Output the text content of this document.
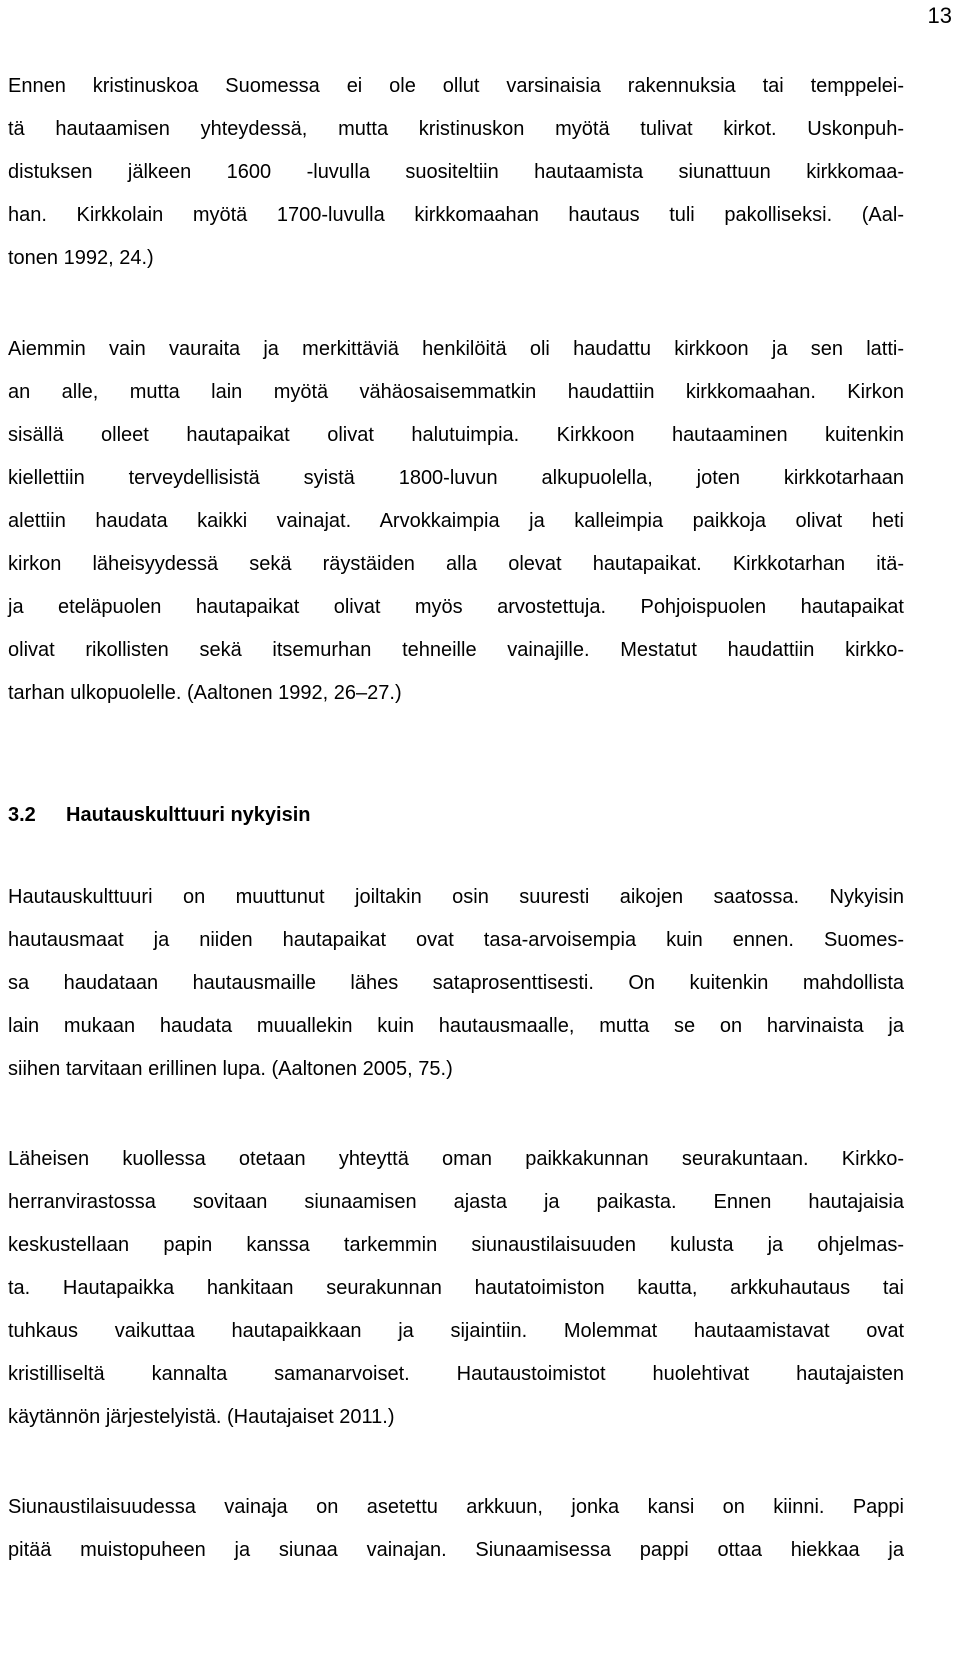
13
Ennen kristinuskoa Suomessa ei ole ollut varsinaisia rakennuksia tai temppelei-
tä hautaamisen yhteydessä, mutta kristinuskon myötä tulivat kirkot. Uskonpuh-
distuksen jälkeen 1600 -luvulla suositeltiin hautaamista siunattuun kirkkomaa-
han. Kirkkolain myötä 1700-luvulla kirkkomaahan hautaus tuli pakolliseksi. (Aal-
tonen 1992, 24.)
Aiemmin vain vauraita ja merkittäviä henkilöitä oli haudattu kirkkoon ja sen latti-
an alle, mutta lain myötä vähäosaisemmatkin haudattiin kirkkomaahan. Kirkon
sisällä olleet hautapaikat olivat halutuimpia. Kirkkoon hautaaminen kuitenkin
kiellettiin terveydellisistä syistä 1800-luvun alkupuolella, joten kirkkotarhaan
alettiin haudata kaikki vainajat. Arvokkaimpia ja kalleimpia paikkoja olivat heti
kirkon läheisyydessä sekä räystäiden alla olevat hautapaikat. Kirkkotarhan itä-
ja eteläpuolen hautapaikat olivat myös arvostettuja. Pohjoispuolen hautapaikat
olivat rikollisten sekä itsemurhan tehneille vainajille. Mestatut haudattiin kirkko-
tarhan ulkopuolelle. (Aaltonen 1992, 26–27.)
3.2 Hautauskulttuuri nykyisin
Hautauskulttuuri on muuttunut joiltakin osin suuresti aikojen saatossa. Nykyisin
hautausmaat ja niiden hautapaikat ovat tasa-arvoisempia kuin ennen. Suomes-
sa haudataan hautausmaille lähes sataprosenttisesti. On kuitenkin mahdollista
lain mukaan haudata muuallekin kuin hautausmaalle, mutta se on harvinaista ja
siihen tarvitaan erillinen lupa. (Aaltonen 2005, 75.)
Läheisen kuollessa otetaan yhteyttä oman paikkakunnan seurakuntaan. Kirkko-
herranvirastossa sovitaan siunaamisen ajasta ja paikasta. Ennen hautajaisia
keskustellaan papin kanssa tarkemmin siunaustilaisuuden kulusta ja ohjelmas-
ta. Hautapaikka hankitaan seurakunnan hautatoimiston kautta, arkkuhautaus tai
tuhkaus vaikuttaa hautapaikkaan ja sijaintiin. Molemmat hautaamistavat ovat
kristilliseltä kannalta samanarvoiset. Hautaustoimistot huolehtivat hautajaisten
käytännön järjestelyistä. (Hautajaiset 2011.)
Siunaustilaisuudessa vainaja on asetettu arkkuun, jonka kansi on kiinni. Pappi
pitää muistopuheen ja siunaa vainajan. Siunaamisessa pappi ottaa hiekkaa ja
